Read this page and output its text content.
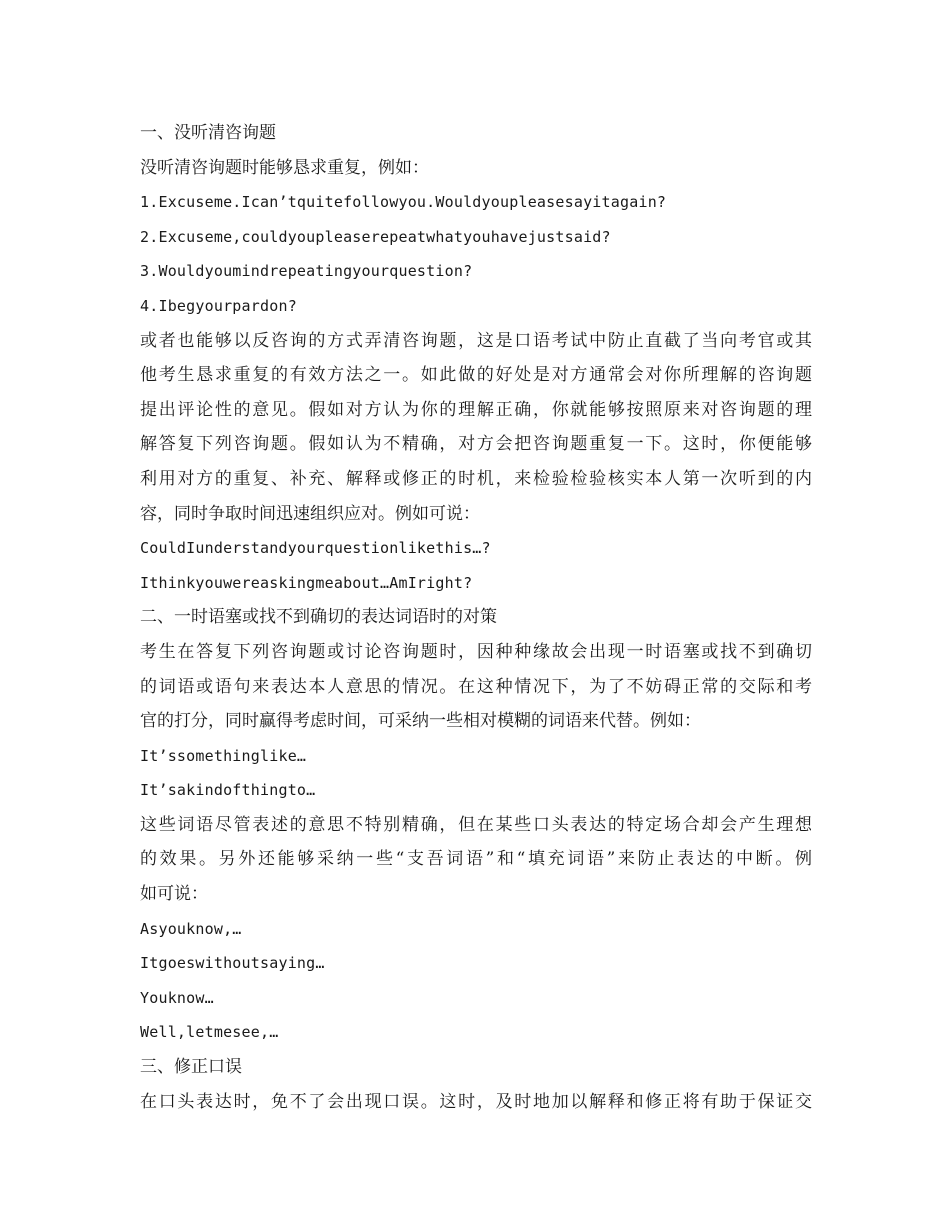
一、没听清咨询题
没听清咨询题时能够恳求重复，例如：
1.Excuseme.Ican’tquitefollowyou.Wouldyoupleasesayitagain?
2.Excuseme,couldyoupleaserepeatwhatyouhavejustsaid?
3.Wouldyoumindrepeatingyourquestion?
4.Ibegyourpardon?
或者也能够以反咨询的方式弄清咨询题，这是口语考试中防止直截了当向考官或其
他考生恳求重复的有效方法之一。如此做的好处是对方通常会对你所理解的咨询题
提出评论性的意见。假如对方认为你的理解正确，你就能够按照原来对咨询题的理
解答复下列咨询题。假如认为不精确，对方会把咨询题重复一下。这时，你便能够
利用对方的重复、补充、解释或修正的时机，来检验检验核实本人第一次听到的内
容，同时争取时间迅速组织应对。例如可说：
CouldIunderstandyourquestionlikethis…?
Ithinkyouwereaskingmeabout…AmIright?
二、一时语塞或找不到确切的表达词语时的对策
考生在答复下列咨询题或讨论咨询题时，因种种缘故会出现一时语塞或找不到确切
的词语或语句来表达本人意思的情况。在这种情况下，为了不妨碍正常的交际和考
官的打分，同时赢得考虑时间，可采纳一些相对模糊的词语来代替。例如：
It’ssomethinglike…
It’sakindofthingto…
这些词语尽管表述的意思不特别精确，但在某些口头表达的特定场合却会产生理想
的效果。另外还能够采纳一些“支吾词语”和“填充词语”来防止表达的中断。例
如可说：
Asyouknow,…
Itgoeswithoutsaying…
Youknow…
Well,letmesee,…
三、修正口误
在口头表达时，免不了会出现口误。这时，及时地加以解释和修正将有助于保证交
